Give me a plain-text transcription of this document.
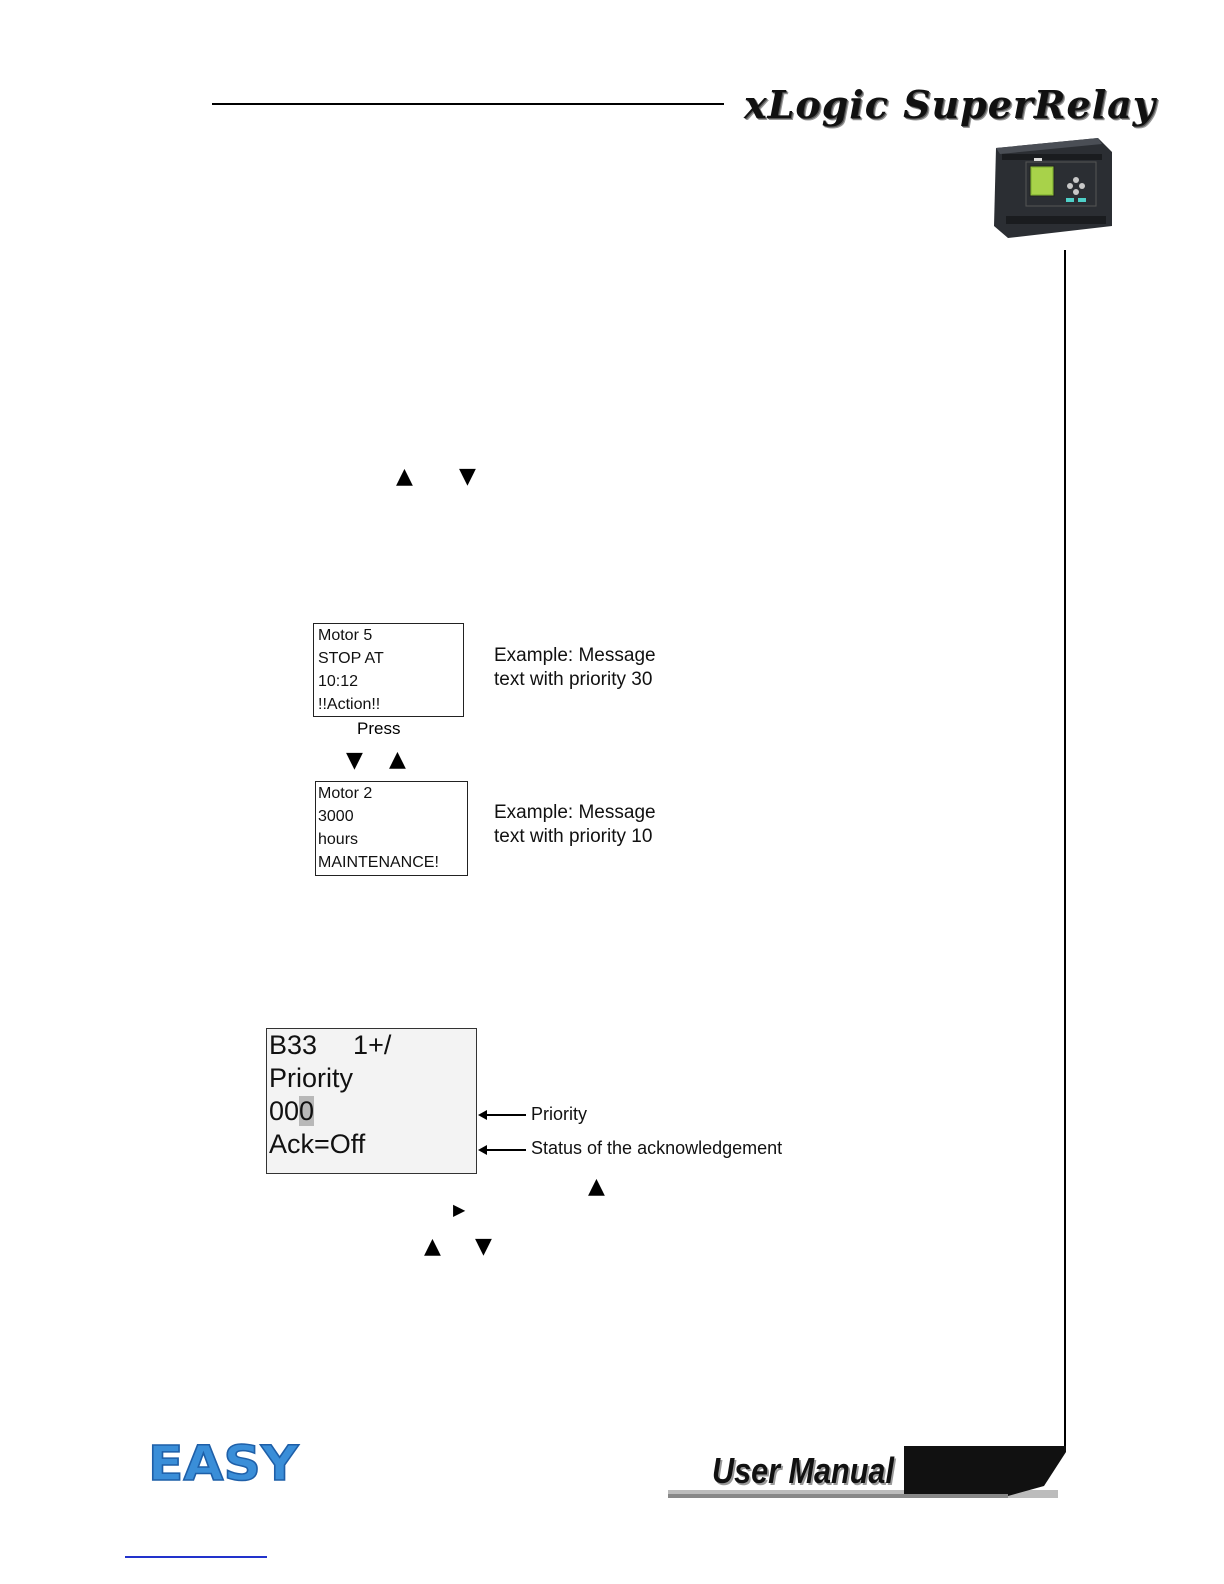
xLogic SuperRelay
▲ ▼
Motor 5
STOP AT
10:12
!!Action!!
Example: Message
text with priority 30
Press
▼ ▲
Motor 2
3000
hours
MAINTENANCE!
Example: Message
text with priority 10
B33 1+/
Priority
000
Ack=Off
Priority
Status of the acknowledgement
▲
▶
▲ ▼
EASY	User Manual
